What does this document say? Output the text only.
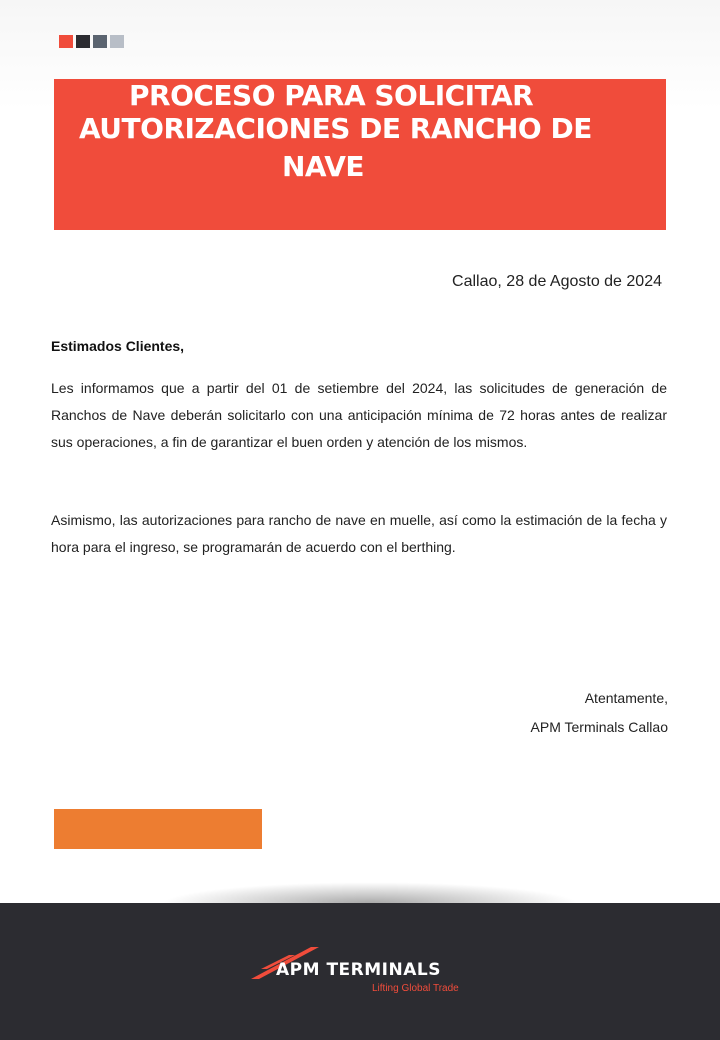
PROCESO PARA SOLICITAR
AUTORIZACIONES DE RANCHO DE
NAVE
Callao, 28 de Agosto de 2024
Estimados Clientes,
Les informamos que a partir del 01 de setiembre del 2024, las solicitudes de generación de Ranchos de Nave deberán solicitarlo con una anticipación mínima de 72 horas antes de realizar sus operaciones, a fin de garantizar el buen orden y atención de los mismos.
Asimismo, las autorizaciones para rancho de nave en muelle, así como la estimación de la fecha y hora para el ingreso, se programarán de acuerdo con el berthing.
Atentamente,
APM Terminals Callao
APM TERMINALS
Lifting Global Trade
